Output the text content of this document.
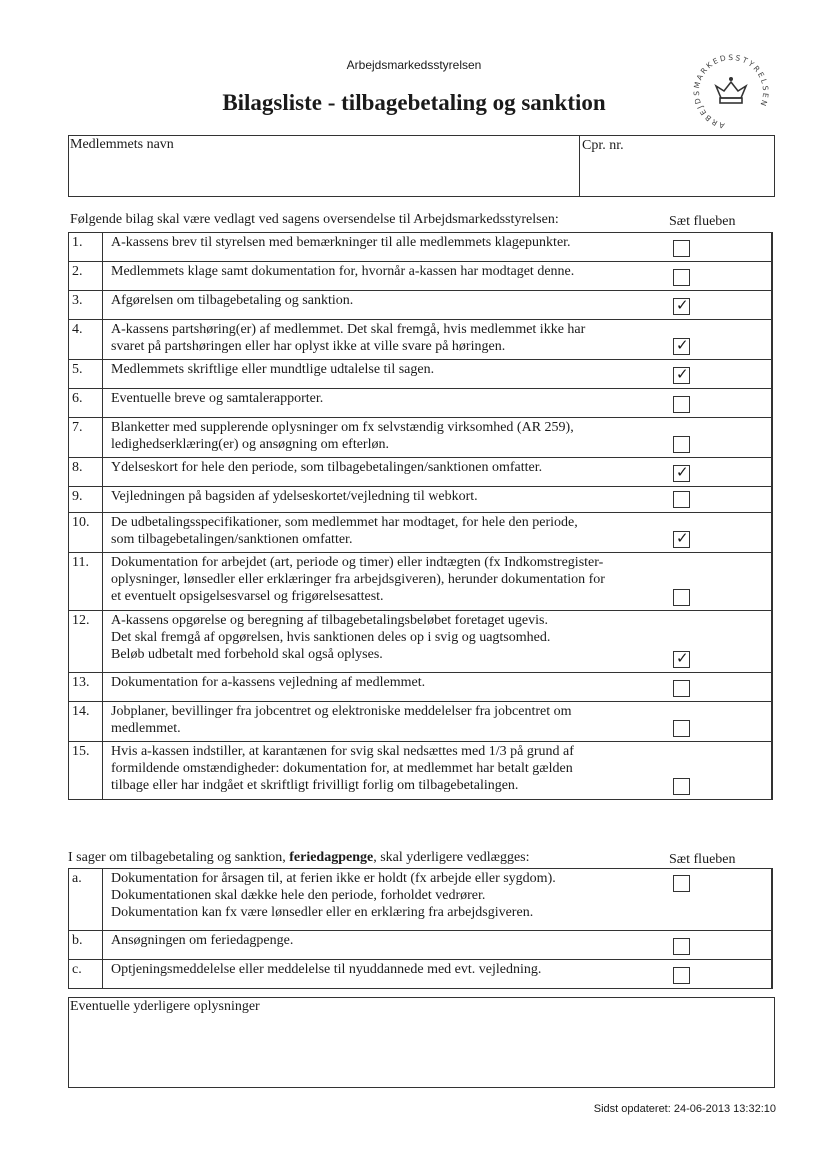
Arbejdsmarkedsstyrelsen
Bilagsliste - tilbagebetaling og sanktion
ARBEJDSMARKEDSSTYRELSEN
Medlemmets navn	Cpr. nr.
Følgende bilag skal være vedlagt ved sagens oversendelse til Arbejdsmarkedsstyrelsen:	Sæt flueben
1.	A-kassens brev til styrelsen med bemærkninger til alle medlemmets klagepunkter.		

2.	Medlemmets klage samt dokumentation for, hvornår a-kassen har modtaget denne.		

3.	Afgørelsen om tilbagebetaling og sanktion.	✓	

4.	A-kassens partshøring(er) af medlemmet. Det skal fremgå, hvis medlemmet ikke har
svaret på partshøringen eller har oplyst ikke at ville svare på høringen.	✓	

5.	Medlemmets skriftlige eller mundtlige udtalelse til sagen.	✓	

6.	Eventuelle breve og samtalerapporter.		

7.	Blanketter med supplerende oplysninger om fx selvstændig virksomhed (AR 259),
ledighedserklæring(er) og ansøgning om efterløn.		

8.	Ydelseskort for hele den periode, som tilbagebetalingen/sanktionen omfatter.	✓	

9.	Vejledningen på bagsiden af ydelseskortet/vejledning til webkort.		

10.	De udbetalingsspecifikationer, som medlemmet har modtaget, for hele den periode,
som tilbagebetalingen/sanktionen omfatter.	✓	

11.	Dokumentation for arbejdet (art, periode og timer) eller indtægten (fx Indkomstregister-
oplysninger, lønsedler eller erklæringer fra arbejdsgiveren), herunder dokumentation for
et eventuelt opsigelsesvarsel og frigørelsesattest.		

12.	A-kassens opgørelse og beregning af tilbagebetalingsbeløbet foretaget ugevis.
Det skal fremgå af opgørelsen, hvis sanktionen deles op i svig og uagtsomhed.
Beløb udbetalt med forbehold skal også oplyses.	✓	

13.	Dokumentation for a-kassens vejledning af medlemmet.		

14.	Jobplaner, bevillinger fra jobcentret og elektroniske meddelelser fra jobcentret om
medlemmet.		

15.	Hvis a-kassen indstiller, at karantænen for svig skal nedsættes med 1/3 på grund af
formildende omstændigheder: dokumentation for, at medlemmet har betalt gælden
tilbage eller har indgået et skriftligt frivilligt forlig om tilbagebetalingen.		

I sager om tilbagebetaling og sanktion, feriedagpenge, skal yderligere vedlægges:	Sæt flueben
a.	Dokumentation for årsagen til, at ferien ikke er holdt (fx arbejde eller sygdom).
Dokumentationen skal dække hele den periode, forholdet vedrører.
Dokumentation kan fx være lønsedler eller en erklæring fra arbejdsgiveren.		

b.	Ansøgningen om feriedagpenge.		

c.	Optjeningsmeddelelse eller meddelelse til nyuddannede med evt. vejledning.		

Eventuelle yderligere oplysninger
Sidst opdateret: 24-06-2013 13:32:10
